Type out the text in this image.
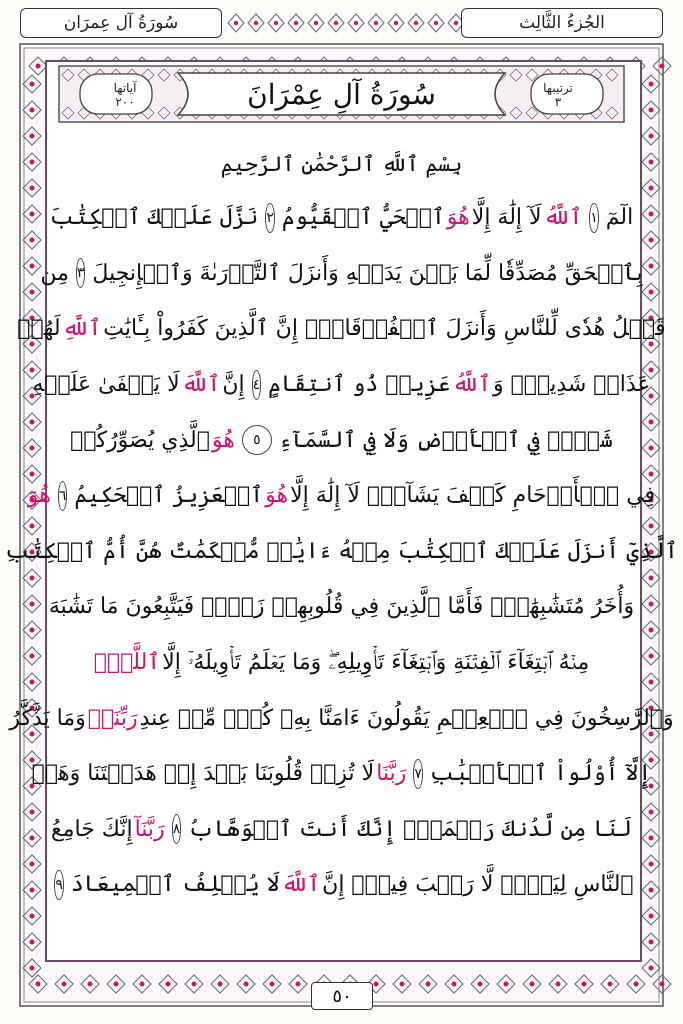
سُورَةُ آل عِمرَان	الجُزءُ الثَّالِث
سُورَةُ آلِ عِمْرَانَ	ترتيبها
٣
آياتها
٢٠٠
بِسْمِ ٱللَّهِ ٱلرَّحْمَٰنِ ٱلرَّحِيمِ
الٓمٓ
١
ٱللَّهُ
لَآ إِلَٰهَ إِلَّا
هُوَ
ٱلۡحَيُّ ٱلۡقَيُّومُ
٢
نَزَّلَ عَلَيۡكَ ٱلۡكِتَٰبَ
بِٱلۡحَقِّ مُصَدِّقٗا لِّمَا بَيۡنَ يَدَيۡهِ وَأَنزَلَ ٱلتَّوۡرَىٰةَ وَٱلۡإِنجِيلَ
٣
مِن
قَبۡلُ هُدٗى لِّلنَّاسِ وَأَنزَلَ ٱلۡفُرۡقَانَۗ إِنَّ ٱلَّذِينَ كَفَرُواْ بِـَٔايَٰتِ
ٱللَّهِ
لَهُمۡ
عَذَابٞ شَدِيدٞۗ وَ
ٱللَّهُ
عَزِيزٞ ذُو ٱنتِقَامٍ
٤
إِنَّ
ٱللَّهَ
لَا يَخۡفَىٰ عَلَيۡهِ
شَيۡءٞ فِي ٱلۡأَرۡضِ وَلَا فِي ٱلسَّمَآءِ
٥
هُوَ
ٱلَّذِي يُصَوِّرُكُمۡ
فِي ٱلۡأَرۡحَامِ كَيۡفَ يَشَآءُۚ لَآ إِلَٰهَ إِلَّا
هُوَ
ٱلۡعَزِيزُ ٱلۡحَكِيمُ
٦
هُوَ
ٱلَّذِيٓ أَنزَلَ عَلَيۡكَ ٱلۡكِتَٰبَ مِنۡهُ ءَايَٰتٞ مُّحۡكَمَٰتٌ هُنَّ أُمُّ ٱلۡكِتَٰبِ
وَأُخَرُ مُتَشَٰبِهَٰتٞۖ فَأَمَّا ٱلَّذِينَ فِي قُلُوبِهِمۡ زَيۡغٞ فَيَتَّبِعُونَ مَا تَشَٰبَهَ
مِنۡهُ ٱبۡتِغَآءَ ٱلۡفِتۡنَةِ وَٱبۡتِغَآءَ تَأۡوِيلِهِۦۖ وَمَا يَعۡلَمُ تَأۡوِيلَهُۥٓ إِلَّا
ٱللَّهُۗ
وَٱلرَّٰسِخُونَ فِي ٱلۡعِلۡمِ يَقُولُونَ ءَامَنَّا بِهِۦ كُلّٞ مِّنۡ عِندِ
رَبِّنَاۗ
وَمَا يَذَّكَّرُ
إِلَّآ أُوْلُواْ ٱلۡأَلۡبَٰبِ
٧
رَبَّنَا
لَا تُزِغۡ قُلُوبَنَا بَعۡدَ إِذۡ هَدَيۡتَنَا وَهَبۡ
لَنَا مِن لَّدُنكَ رَحۡمَةًۚ إِنَّكَ أَنتَ ٱلۡوَهَّابُ
٨
رَبَّنَآ
إِنَّكَ جَامِعُ
ٱلنَّاسِ لِيَوۡمٖ لَّا رَيۡبَ فِيهِۚ إِنَّ
ٱللَّهَ
لَا يُخۡلِفُ ٱلۡمِيعَادَ
٩
٥٠
